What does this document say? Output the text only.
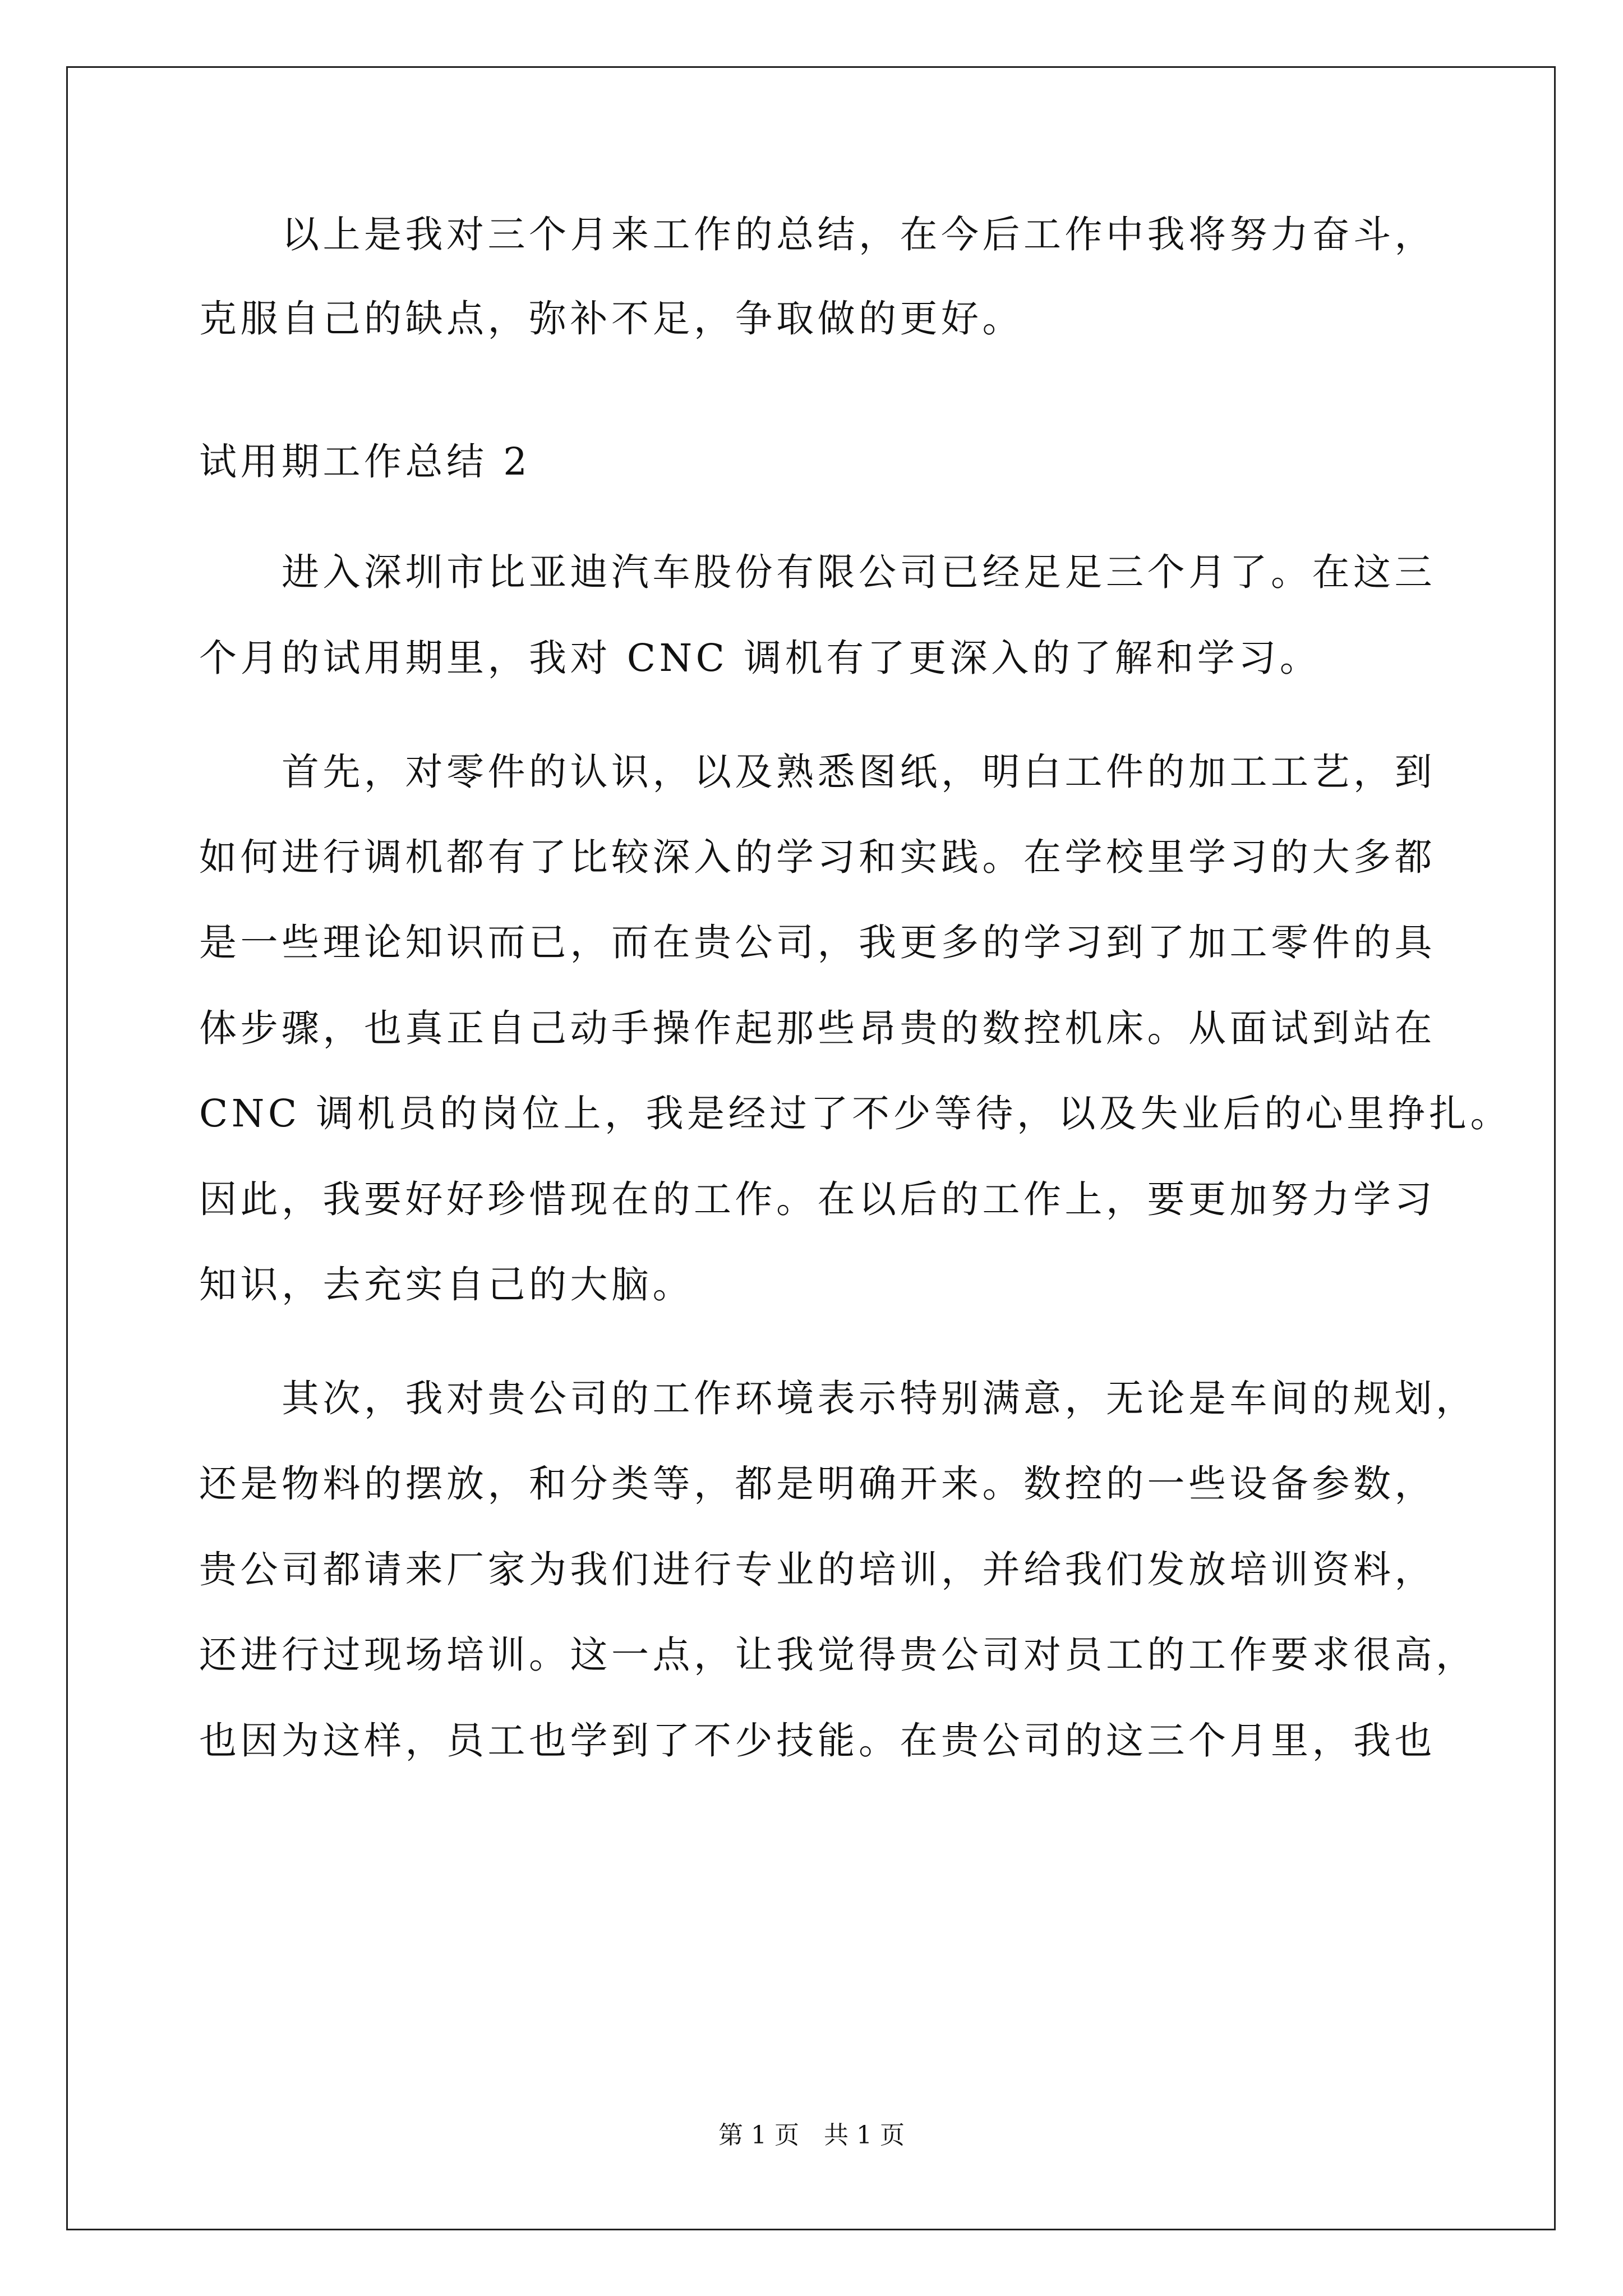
　　以上是我对三个月来工作的总结，在今后工作中我将努力奋斗，
克服自己的缺点，弥补不足，争取做的更好。
试用期工作总结 2
　　进入深圳市比亚迪汽车股份有限公司已经足足三个月了。在这三
个月的试用期里，我对 CNC 调机有了更深入的了解和学习。
　　首先，对零件的认识，以及熟悉图纸，明白工件的加工工艺，到
如何进行调机都有了比较深入的学习和实践。在学校里学习的大多都
是一些理论知识而已，而在贵公司，我更多的学习到了加工零件的具
体步骤，也真正自己动手操作起那些昂贵的数控机床。从面试到站在
CNC 调机员的岗位上，我是经过了不少等待，以及失业后的心里挣扎。
因此，我要好好珍惜现在的工作。在以后的工作上，要更加努力学习
知识，去充实自己的大脑。
　　其次，我对贵公司的工作环境表示特别满意，无论是车间的规划，
还是物料的摆放，和分类等，都是明确开来。数控的一些设备参数，
贵公司都请来厂家为我们进行专业的培训，并给我们发放培训资料，
还进行过现场培训。这一点，让我觉得贵公司对员工的工作要求很高，
也因为这样，员工也学到了不少技能。在贵公司的这三个月里，我也
第 1 页　共 1 页
